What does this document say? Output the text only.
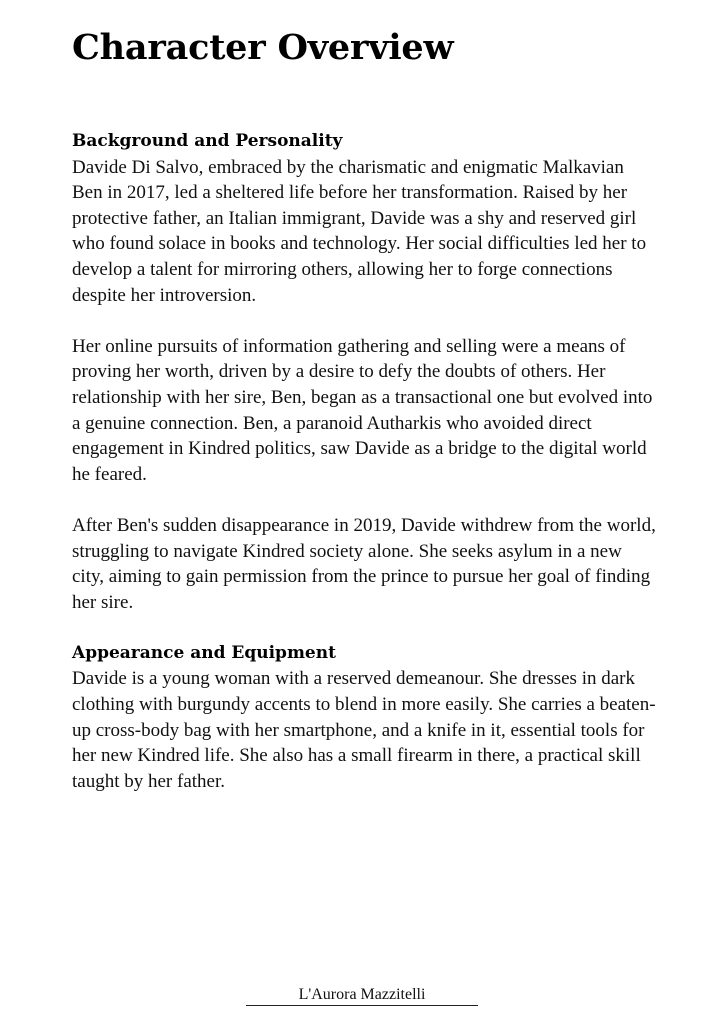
Character Overview
Background and Personality

Davide Di Salvo, embraced by the charismatic and enigmatic Malkavian Ben in 2017, led a sheltered life before her transformation. Raised by her protective father, an Italian immigrant, Davide was a shy and reserved girl who found solace in books and technology. Her social difficulties led her to develop a talent for mirroring others, allowing her to forge connections despite her introversion.

Her online pursuits of information gathering and selling were a means of proving her worth, driven by a desire to defy the doubts of others. Her relationship with her sire, Ben, began as a transactional one but evolved into a genuine connection. Ben, a paranoid Autharkis who avoided direct engagement in Kindred politics, saw Davide as a bridge to the digital world he feared.

After Ben's sudden disappearance in 2019, Davide withdrew from the world, struggling to navigate Kindred society alone. She seeks asylum in a new city, aiming to gain permission from the prince to pursue her goal of finding her sire.

Appearance and Equipment

Davide is a young woman with a reserved demeanour. She dresses in dark clothing with burgundy accents to blend in more easily. She carries a beaten-up cross-body bag with her smartphone, and a knife in it, essential tools for her new Kindred life. She also has a small firearm in there, a practical skill taught by her father.

L'Aurora Mazzitelli
